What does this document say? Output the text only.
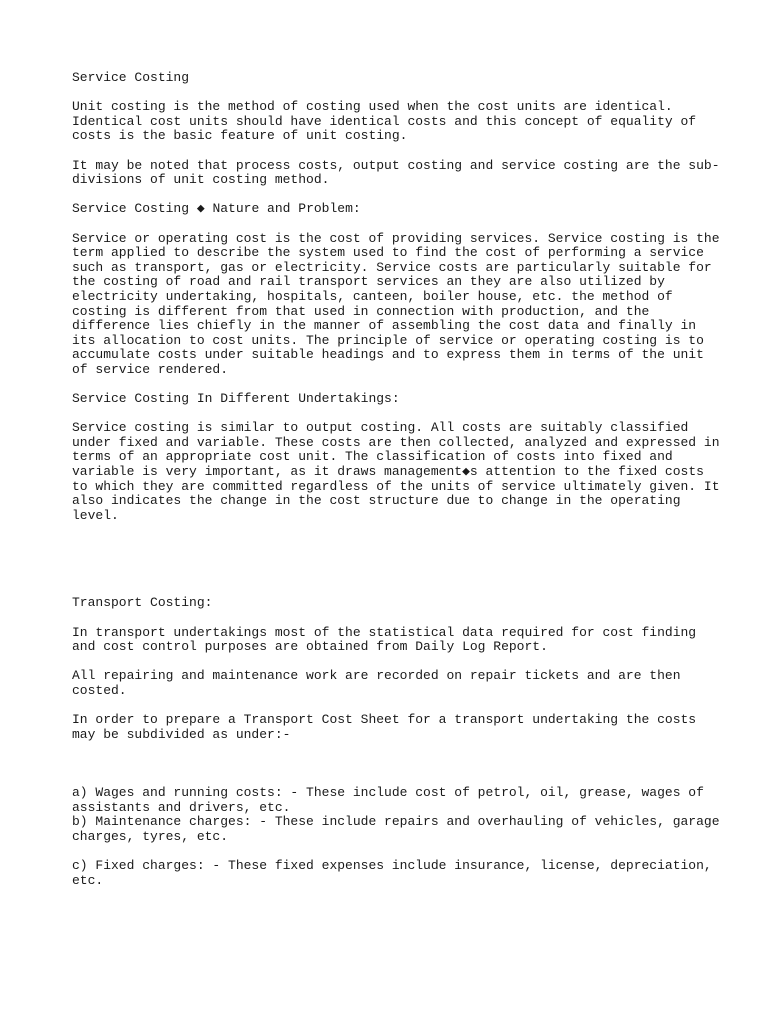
Service Costing
Unit costing is the method of costing used when the cost units are identical.
Identical cost units should have identical costs and this concept of equality of
costs is the basic feature of unit costing.
It may be noted that process costs, output costing and service costing are the sub-
divisions of unit costing method.
Service Costing ◆ Nature and Problem:
Service or operating cost is the cost of providing services. Service costing is the
term applied to describe the system used to find the cost of performing a service
such as transport, gas or electricity. Service costs are particularly suitable for
the costing of road and rail transport services an they are also utilized by
electricity undertaking, hospitals, canteen, boiler house, etc. the method of
costing is different from that used in connection with production, and the
difference lies chiefly in the manner of assembling the cost data and finally in
its allocation to cost units. The principle of service or operating costing is to
accumulate costs under suitable headings and to express them in terms of the unit
of service rendered.
Service Costing In Different Undertakings:
Service costing is similar to output costing. All costs are suitably classified
under fixed and variable. These costs are then collected, analyzed and expressed in
terms of an appropriate cost unit. The classification of costs into fixed and
variable is very important, as it draws management◆s attention to the fixed costs
to which they are committed regardless of the units of service ultimately given. It
also indicates the change in the cost structure due to change in the operating
level.
Transport Costing:
In transport undertakings most of the statistical data required for cost finding
and cost control purposes are obtained from Daily Log Report.
All repairing and maintenance work are recorded on repair tickets and are then
costed.
In order to prepare a Transport Cost Sheet for a transport undertaking the costs
may be subdivided as under:-
a) Wages and running costs: - These include cost of petrol, oil, grease, wages of
assistants and drivers, etc.
b) Maintenance charges: - These include repairs and overhauling of vehicles, garage
charges, tyres, etc.
c) Fixed charges: - These fixed expenses include insurance, license, depreciation,
etc.
